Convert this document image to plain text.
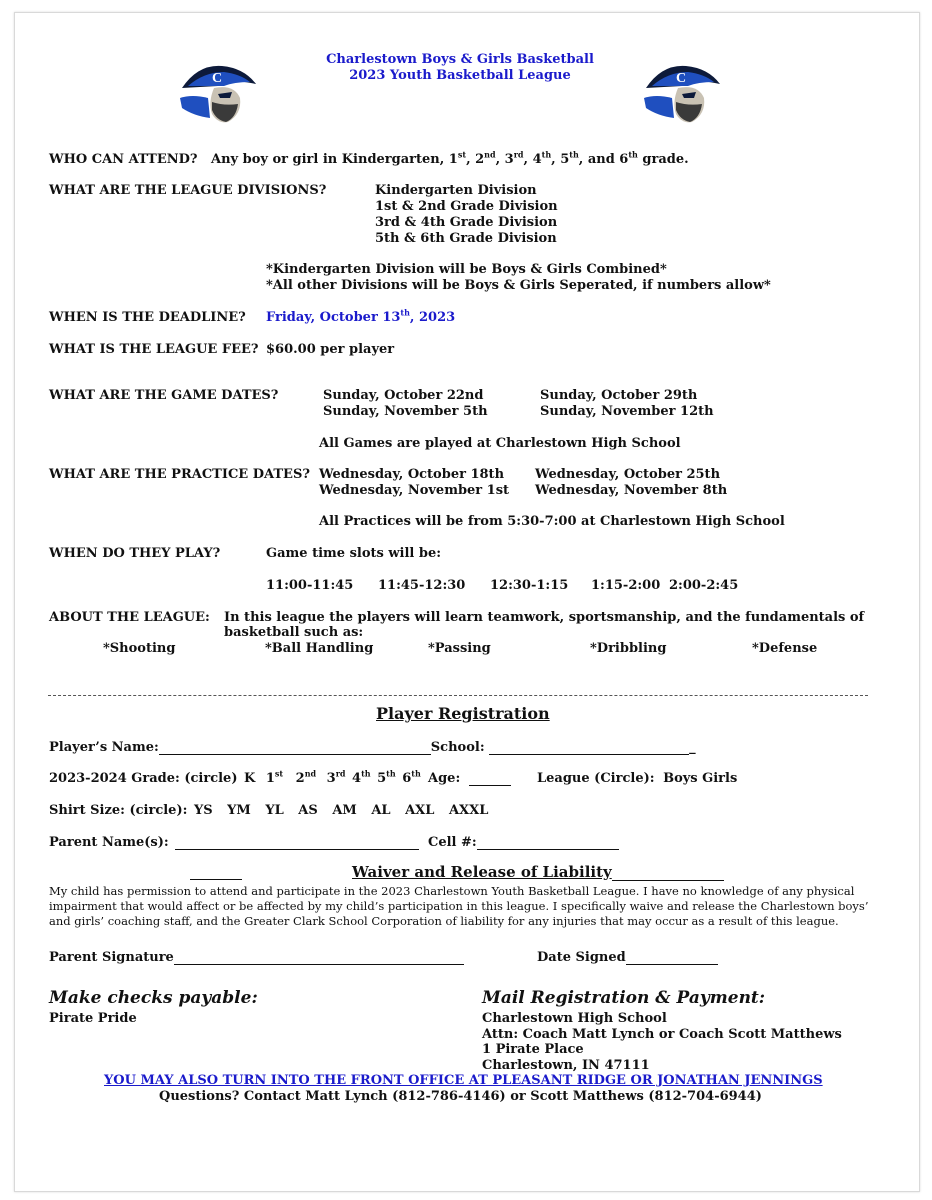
C	C
Charlestown Boys & Girls Basketball
2023 Youth Basketball League
WHO CAN ATTEND? Any boy or girl in Kindergarten, 1st, 2nd, 3rd, 4th, 5th, and 6th grade.
WHAT ARE THE LEAGUE DIVISIONS?	Kindergarten Division
1st & 2nd Grade Division
3rd & 4th Grade Division
5th & 6th Grade Division
*Kindergarten Division will be Boys & Girls Combined*
*All other Divisions will be Boys & Girls Seperated, if numbers allow*
WHEN IS THE DEADLINE? Friday, October 13th, 2023
WHAT IS THE LEAGUE FEE? $60.00 per player
WHAT ARE THE GAME DATES?	Sunday, October 22nd	Sunday, October 29th
Sunday, November 5th	Sunday, November 12th
All Games are played at Charlestown High School
WHAT ARE THE PRACTICE DATES? Wednesday, October 18th Wednesday, October 25th
Wednesday, November 1st Wednesday, November 8th
All Practices will be from 5:30-7:00 at Charlestown High School
WHEN DO THEY PLAY?	Game time slots will be:
11:00-11:45 11:45-12:30 12:30-1:15 1:15-2:00 2:00-2:45
ABOUT THE LEAGUE: In this league the players will learn teamwork, sportsmanship, and the fundamentals of
basketball such as:
*Shooting	*Ball Handling	*Passing	*Dribbling	*Defense
Player Registration
Player’s Name:	School:	_
2023-2024 Grade: (circle) K 1st 2nd 3rd 4th 5th 6th Age:	League (Circle): Boys Girls
Shirt Size: (circle): YS YM YL AS AM AL AXL AXXL
Parent Name(s):	Cell #:
Waiver and Release of Liability
My child has permission to attend and participate in the 2023 Charlestown Youth Basketball League. I have no knowledge of any physical impairment that would affect or be affected by my child’s participation in this league. I specifically waive and release the Charlestown boys’ and girls’ coaching staff, and the Greater Clark School Corporation of liability for any injuries that may occur as a result of this league.
Parent Signature	Date Signed
Make checks payable:
Pirate Pride
Mail Registration & Payment:
Charlestown High School
Attn: Coach Matt Lynch or Coach Scott Matthews
1 Pirate Place
Charlestown, IN 47111
YOU MAY ALSO TURN INTO THE FRONT OFFICE AT PLEASANT RIDGE OR JONATHAN JENNINGS
Questions? Contact Matt Lynch (812-786-4146) or Scott Matthews (812-704-6944)
